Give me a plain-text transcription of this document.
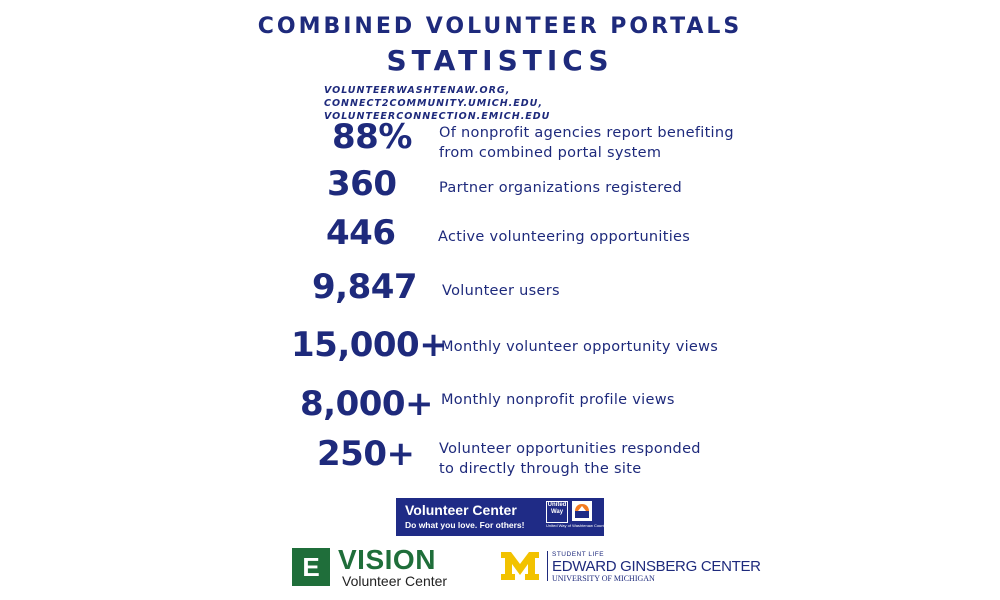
COMBINED VOLUNTEER PORTALS
STATISTICS
VOLUNTEERWASHTENAW.ORG, CONNECT2COMMUNITY.UMICH.EDU,
VOLUNTEERCONNECTION.EMICH.EDU
88% Of nonprofit agencies report benefiting
from combined portal system
360	Partner organizations registered
446	Active volunteering opportunities
9,847 Volunteer users
15,000+
Monthly volunteer opportunity views
8,000+ Monthly nonprofit profile views
250+ Volunteer opportunities responded
to directly through the site
Volunteer Center
Do what you love. For others!
United Way
United Way of Washtenaw County
E VISION
Volunteer Center
STUDENT LIFE
EDWARD GINSBERG CENTER
UNIVERSITY OF MICHIGAN
